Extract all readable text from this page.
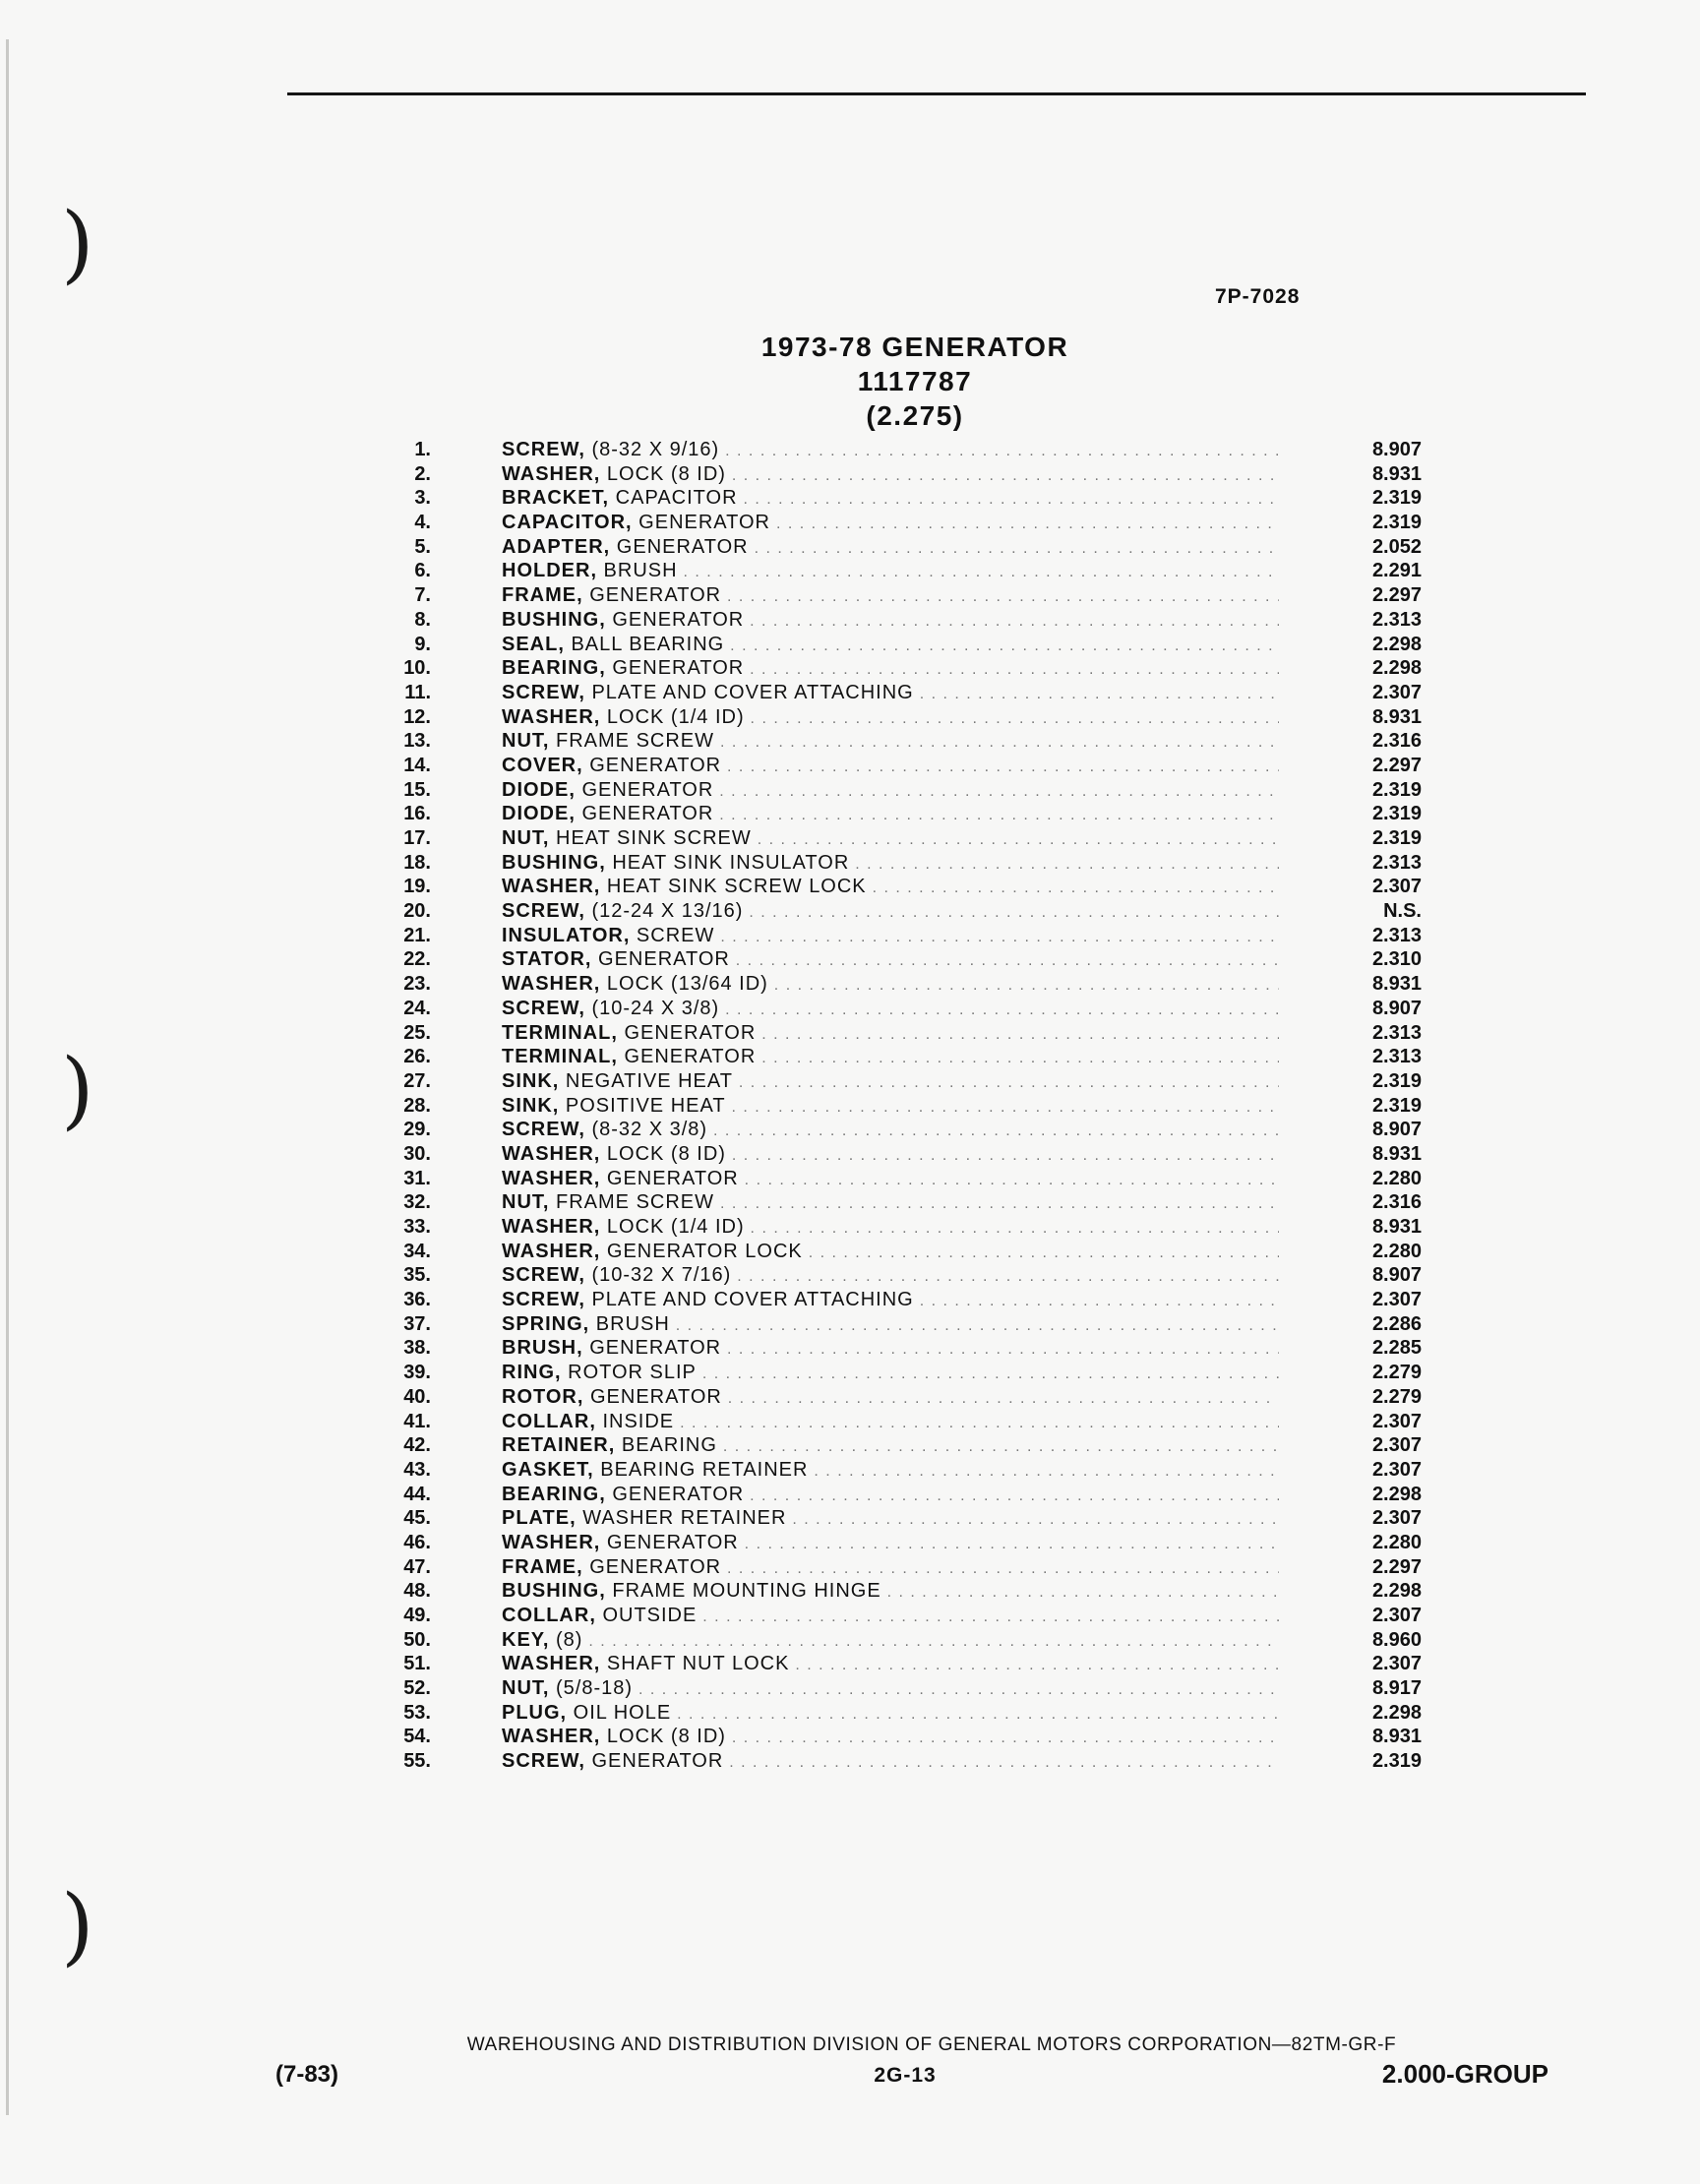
)
)
)
7P-7028
1973-78 GENERATOR
1117787
(2.275)
1.	SCREW, (8-32 X 9/16) . . .	8.907
2.	WASHER, LOCK (8 ID) . . .	8.931
3.	BRACKET, CAPACITOR . . .	2.319
4.	CAPACITOR, GENERATOR . . .	2.319
5.	ADAPTER, GENERATOR . . .	2.052
6.	HOLDER, BRUSH . . .	2.291
7.	FRAME, GENERATOR . . .	2.297
8.	BUSHING, GENERATOR . . .	2.313
9.	SEAL, BALL BEARING . . .	2.298
10.	BEARING, GENERATOR . . .	2.298
11.	SCREW, PLATE AND COVER ATTACHING . . .	2.307
12.	WASHER, LOCK (1/4 ID) . . .	8.931
13.	NUT, FRAME SCREW . . .	2.316
14.	COVER, GENERATOR . . .	2.297
15.	DIODE, GENERATOR . . .	2.319
16.	DIODE, GENERATOR . . .	2.319
17.	NUT, HEAT SINK SCREW . . .	2.319
18.	BUSHING, HEAT SINK INSULATOR . . .	2.313
19.	WASHER, HEAT SINK SCREW LOCK . . .	2.307
20.	SCREW, (12-24 X 13/16) . . .	N.S.
21.	INSULATOR, SCREW . . .	2.313
22.	STATOR, GENERATOR . . .	2.310
23.	WASHER, LOCK (13/64 ID) . . .	8.931
24.	SCREW, (10-24 X 3/8) . . .	8.907
25.	TERMINAL, GENERATOR . . .	2.313
26.	TERMINAL, GENERATOR . . .	2.313
27.	SINK, NEGATIVE HEAT . . .	2.319
28.	SINK, POSITIVE HEAT . . .	2.319
29.	SCREW, (8-32 X 3/8) . . .	8.907
30.	WASHER, LOCK (8 ID) . . .	8.931
31.	WASHER, GENERATOR . . .	2.280
32.	NUT, FRAME SCREW . . .	2.316
33.	WASHER, LOCK (1/4 ID) . . .	8.931
34.	WASHER, GENERATOR LOCK . . .	2.280
35.	SCREW, (10-32 X 7/16) . . .	8.907
36.	SCREW, PLATE AND COVER ATTACHING . . .	2.307
37.	SPRING, BRUSH . . .	2.286
38.	BRUSH, GENERATOR . . .	2.285
39.	RING, ROTOR SLIP . . .	2.279
40.	ROTOR, GENERATOR . . .	2.279
41.	COLLAR, INSIDE . . .	2.307
42.	RETAINER, BEARING . . .	2.307
43.	GASKET, BEARING RETAINER . . .	2.307
44.	BEARING, GENERATOR . . .	2.298
45.	PLATE, WASHER RETAINER . . .	2.307
46.	WASHER, GENERATOR . . .	2.280
47.	FRAME, GENERATOR . . .	2.297
48.	BUSHING, FRAME MOUNTING HINGE . . .	2.298
49.	COLLAR, OUTSIDE . . .	2.307
50.	KEY, (8) . . .	8.960
51.	WASHER, SHAFT NUT LOCK . . .	2.307
52.	NUT, (5/8-18) . . .	8.917
53.	PLUG, OIL HOLE . . .	2.298
54.	WASHER, LOCK (8 ID) . . .	8.931
55.	SCREW, GENERATOR . . .	2.319
WAREHOUSING AND DISTRIBUTION DIVISION OF GENERAL MOTORS CORPORATION—82TM-GR-F
(7-83)	2G-13	2.000-GROUP
